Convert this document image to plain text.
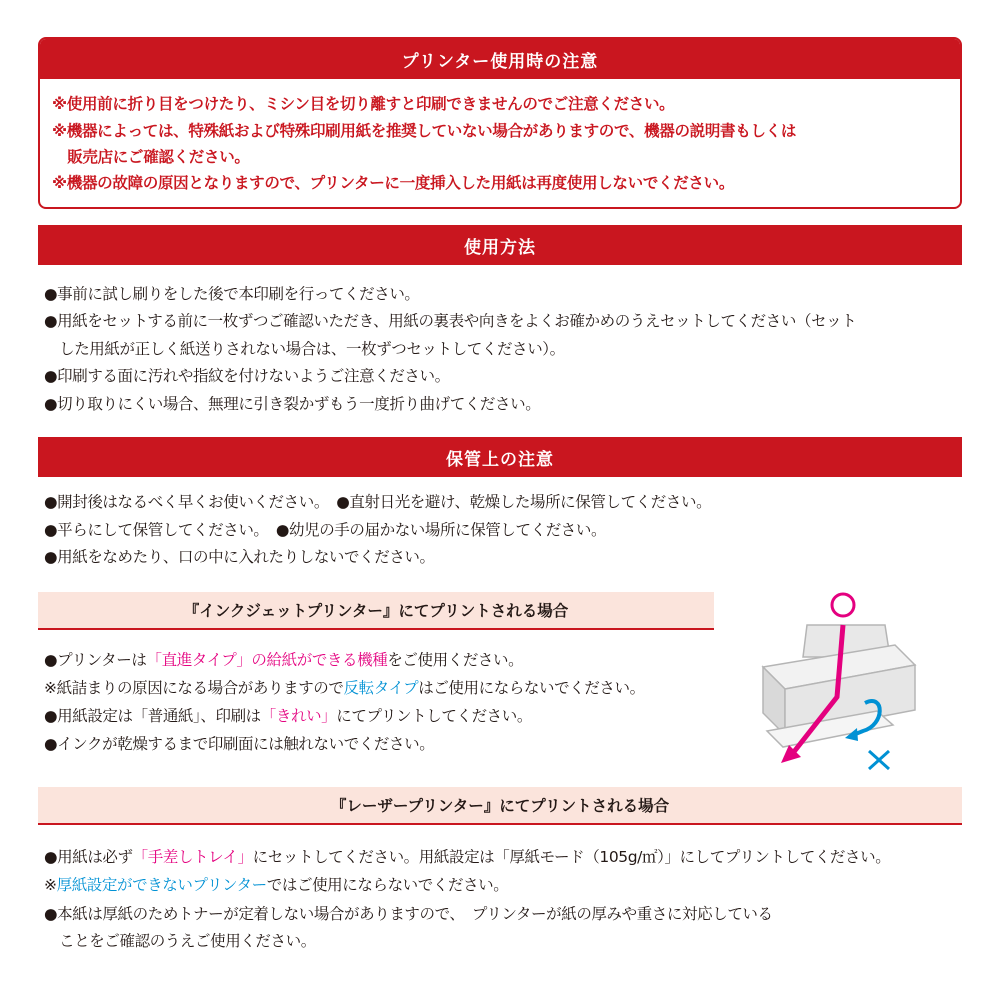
プリンター使用時の注意
※使用前に折り目をつけたり、ミシン目を切り離すと印刷できませんのでご注意ください。
※機器によっては、特殊紙および特殊印刷用紙を推奨していない場合がありますので、機器の説明書もしくは
　販売店にご確認ください。
※機器の故障の原因となりますので、プリンターに一度挿入した用紙は再度使用しないでください。
使用方法
●事前に試し刷りをした後で本印刷を行ってください。
●用紙をセットする前に一枚ずつご確認いただき、用紙の裏表や向きをよくお確かめのうえセットしてください（セット
　した用紙が正しく紙送りされない場合は、一枚ずつセットしてください）。
●印刷する面に汚れや指紋を付けないようご注意ください。
●切り取りにくい場合、無理に引き裂かずもう一度折り曲げてください。
保管上の注意
●開封後はなるべく早くお使いください。　●直射日光を避け、乾燥した場所に保管してください。
●平らにして保管してください。　●幼児の手の届かない場所に保管してください。
●用紙をなめたり、口の中に入れたりしないでください。
『インクジェットプリンター』にてプリントされる場合
●プリンターは「直進タイプ」の給紙ができる機種をご使用ください。
※紙詰まりの原因になる場合がありますので反転タイプはご使用にならないでください。
●用紙設定は「普通紙」、印刷は「きれい」にてプリントしてください。
●インクが乾燥するまで印刷面には触れないでください。
『レーザープリンター』にてプリントされる場合
●用紙は必ず「手差しトレイ」にセットしてください。用紙設定は「厚紙モード（105g/㎡）」にしてプリントしてください。
※厚紙設定ができないプリンターではご使用にならないでください。
●本紙は厚紙のためトナーが定着しない場合がありますので、　プリンターが紙の厚みや重さに対応している
　ことをご確認のうえご使用ください。
